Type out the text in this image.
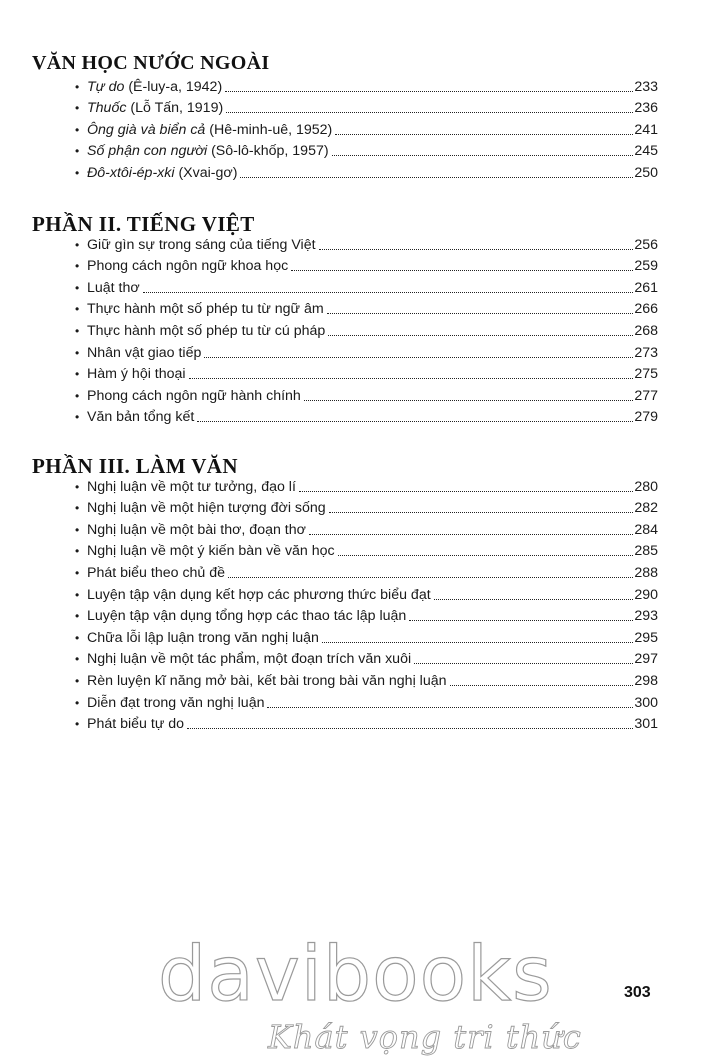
VĂN HỌC NƯỚC NGOÀI
• Tự do (Ê-luy-a, 1942)	233
• Thuốc (Lỗ Tấn, 1919)	236
• Ông già và biển cả (Hê-minh-uê, 1952)	241
• Số phận con người (Sô-lô-khốp, 1957)	245
• Đô-xtôi-ép-xki (Xvai-gơ)	250
PHẦN II. TIẾNG VIỆT
• Giữ gìn sự trong sáng của tiếng Việt	256
• Phong cách ngôn ngữ khoa học	259
• Luật thơ	261
• Thực hành một số phép tu từ ngữ âm	266
• Thực hành một số phép tu từ cú pháp	268
• Nhân vật giao tiếp	273
• Hàm ý hội thoại	275
• Phong cách ngôn ngữ hành chính	277
• Văn bản tổng kết	279
PHẦN III. LÀM VĂN
• Nghị luận về một tư tưởng, đạo lí	280
• Nghị luận về một hiện tượng đời sống	282
• Nghị luận về một bài thơ, đoạn thơ	284
• Nghị luận về một ý kiến bàn về văn học	285
• Phát biểu theo chủ đề	288
• Luyện tập vận dụng kết hợp các phương thức biểu đạt	290
• Luyện tập vận dụng tổng hợp các thao tác lập luận	293
• Chữa lỗi lập luận trong văn nghị luận	295
• Nghị luận về một tác phẩm, một đoạn trích văn xuôi	297
• Rèn luyện kĩ năng mở bài, kết bài trong bài văn nghị luận	298
• Diễn đạt trong văn nghị luận	300
• Phát biểu tự do	301

davibooks

Khát vọng tri thức

303
